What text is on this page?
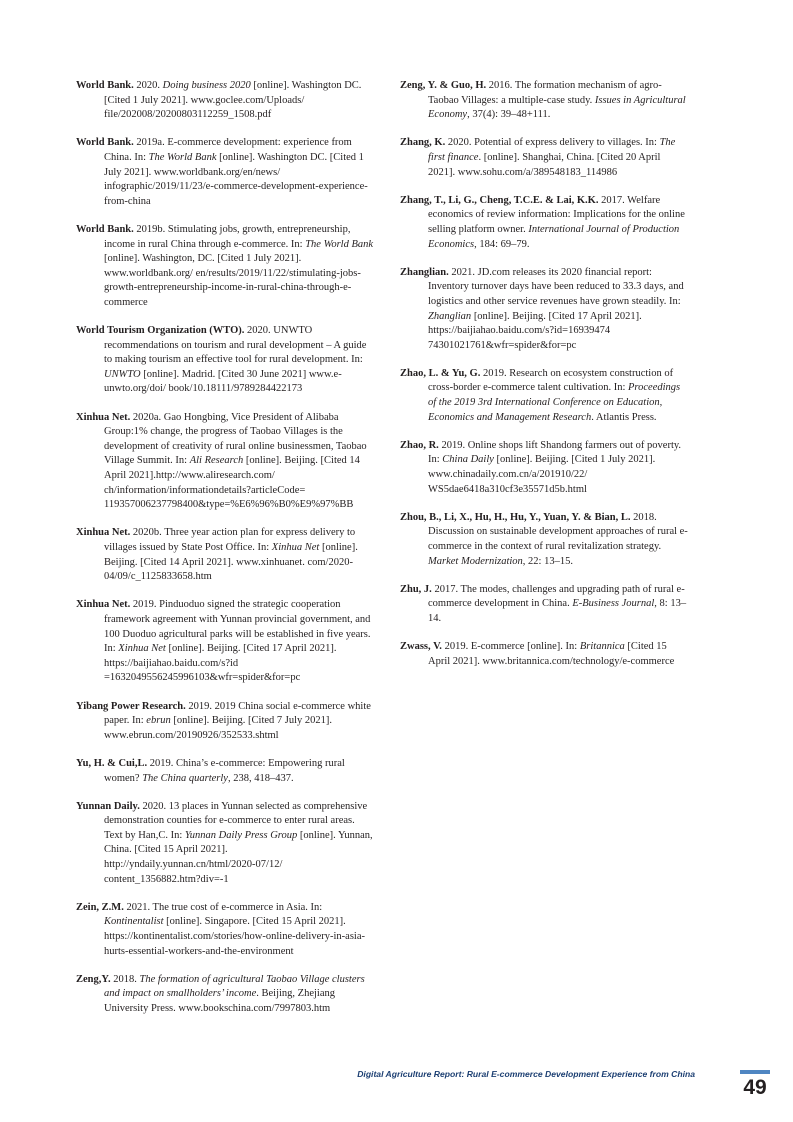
World Bank. 2020. Doing business 2020 [online]. Washington DC. [Cited 1 July 2021]. www.goclee.com/Uploads/ file/202008/20200803112259_1508.pdf

World Bank. 2019a. E-commerce development: experience from China. In: The World Bank [online]. Washington DC. [Cited 1 July 2021]. www.worldbank.org/en/news/ infographic/2019/11/23/e-commerce-development-experience-from-china

World Bank. 2019b. Stimulating jobs, growth, entrepreneurship, income in rural China through e-commerce. In: The World Bank [online]. Washington, DC. [Cited 1 July 2021]. www.worldbank.org/ en/results/2019/11/22/stimulating-jobs-growth-entrepreneurship-income-in-rural-china-through-e-commerce

World Tourism Organization (WTO). 2020. UNWTO recommendations on tourism and rural development – A guide to making tourism an effective tool for rural development. In: UNWTO [online]. Madrid. [Cited 30 June 2021] www.e-unwto.org/doi/ book/10.18111/9789284422173

Xinhua Net. 2020a. Gao Hongbing, Vice President of Alibaba Group:1% change, the progress of Taobao Villages is the development of creativity of rural online businessmen, Taobao Village Summit. In: Ali Research [online]. Beijing. [Cited 14 April 2021].http://www.aliresearch.com/ ch/information/informationdetails?articleCode= 119357006237798400&type=%E6%96%B0%E9%97%BB

Xinhua Net. 2020b. Three year action plan for express delivery to villages issued by State Post Office. In: Xinhua Net [online]. Beijing. [Cited 14 April 2021]. www.xinhuanet. com/2020-04/09/c_1125833658.htm

Xinhua Net. 2019. Pinduoduo signed the strategic cooperation framework agreement with Yunnan provincial government, and 100 Duoduo agricultural parks will be established in five years. In: Xinhua Net [online]. Beijing. [Cited 17 April 2021]. https://baijiahao.baidu.com/s?id =1632049556245996103&wfr=spider&for=pc

Yibang Power Research. 2019. 2019 China social e-commerce white paper. In: ebrun [online]. Beijing. [Cited 7 July 2021]. www.ebrun.com/20190926/352533.shtml

Yu, H. & Cui,L. 2019. China’s e-commerce: Empowering rural women? The China quarterly, 238, 418–437.

Yunnan Daily. 2020. 13 places in Yunnan selected as comprehensive demonstration counties for e-commerce to enter rural areas. Text by Han,C. In: Yunnan Daily Press Group [online]. Yunnan, China. [Cited 15 April 2021]. http://yndaily.yunnan.cn/html/2020-07/12/ content_1356882.htm?div=-1

Zein, Z.M. 2021. The true cost of e-commerce in Asia. In: Kontinentalist [online]. Singapore. [Cited 15 April 2021]. https://kontinentalist.com/stories/how-online-delivery-in-asia-hurts-essential-workers-and-the-environment

Zeng,Y. 2018. The formation of agricultural Taobao Village clusters and impact on smallholders’ income. Beijing, Zhejiang University Press. www.bookschina.com/7997803.htm

Zeng, Y. & Guo, H. 2016. The formation mechanism of agro-Taobao Villages: a multiple-case study. Issues in Agricultural Economy, 37(4): 39–48+111.

Zhang, K. 2020. Potential of express delivery to villages. In: The first finance. [online]. Shanghai, China. [Cited 20 April 2021]. www.sohu.com/a/389548183_114986

Zhang, T., Li, G., Cheng, T.C.E. & Lai, K.K. 2017. Welfare economics of review information: Implications for the online selling platform owner. International Journal of Production Economics, 184: 69–79.

Zhanglian. 2021. JD.com releases its 2020 financial report: Inventory turnover days have been reduced to 33.3 days, and logistics and other service revenues have grown steadily. In: Zhanglian [online]. Beijing. [Cited 17 April 2021]. https://baijiahao.baidu.com/s?id=16939474 74301021761&wfr=spider&for=pc

Zhao, L. & Yu, G. 2019. Research on ecosystem construction of cross-border e-commerce talent cultivation. In: Proceedings of the 2019 3rd International Conference on Education, Economics and Management Research. Atlantis Press.

Zhao, R. 2019. Online shops lift Shandong farmers out of poverty. In: China Daily [online]. Beijing. [Cited 1 July 2021]. www.chinadaily.com.cn/a/201910/22/ WS5dae6418a310cf3e35571d5b.html

Zhou, B., Li, X., Hu, H., Hu, Y., Yuan, Y. & Bian, L. 2018. Discussion on sustainable development approaches of rural e-commerce in the context of rural revitalization strategy. Market Modernization, 22: 13–15.

Zhu, J. 2017. The modes, challenges and upgrading path of rural e-commerce development in China. E-Business Journal, 8: 13–14.

Zwass, V. 2019. E-commerce [online]. In: Britannica [Cited 15 April 2021]. www.britannica.com/technology/e-commerce

Digital Agriculture Report: Rural E-commerce Development Experience from China
49
